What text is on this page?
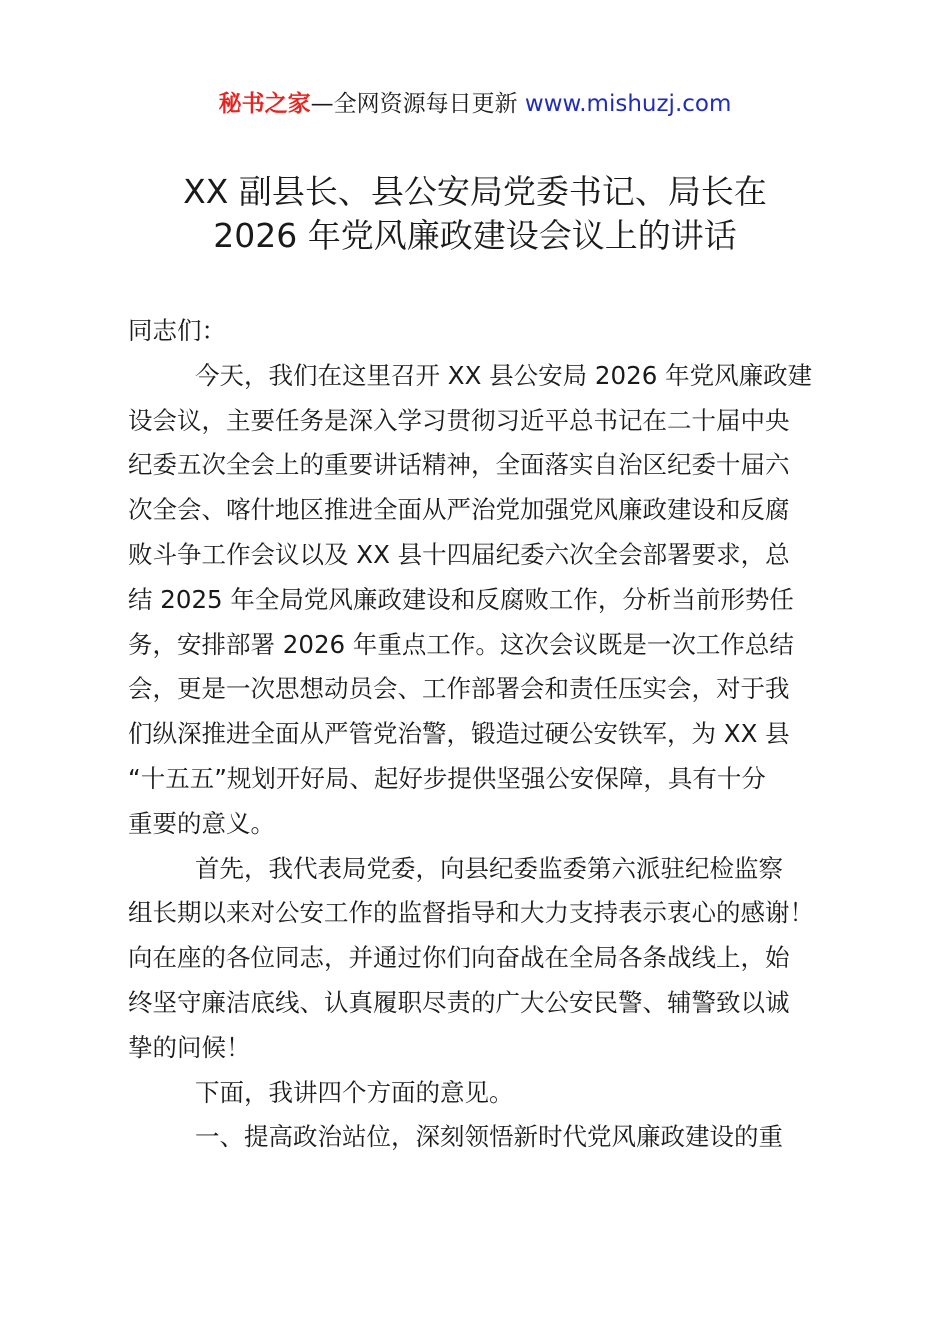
秘书之家—全网资源每日更新 www.mishuzj.com
XX 副县长、县公安局党委书记、局长在
2026 年党风廉政建设会议上的讲话
同志们：
今天，我们在这里召开 XX 县公安局 2026 年党风廉政建
设会议，主要任务是深入学习贯彻习近平总书记在二十届中央
纪委五次全会上的重要讲话精神，全面落实自治区纪委十届六
次全会、喀什地区推进全面从严治党加强党风廉政建设和反腐
败斗争工作会议以及 XX 县十四届纪委六次全会部署要求，总
结 2025 年全局党风廉政建设和反腐败工作，分析当前形势任
务，安排部署 2026 年重点工作。这次会议既是一次工作总结
会，更是一次思想动员会、工作部署会和责任压实会，对于我
们纵深推进全面从严管党治警，锻造过硬公安铁军，为 XX 县
“十五五”规划开好局、起好步提供坚强公安保障，具有十分
重要的意义。
首先，我代表局党委，向县纪委监委第六派驻纪检监察
组长期以来对公安工作的监督指导和大力支持表示衷心的感谢！
向在座的各位同志，并通过你们向奋战在全局各条战线上，始
终坚守廉洁底线、认真履职尽责的广大公安民警、辅警致以诚
挚的问候！
下面，我讲四个方面的意见。
一、提高政治站位，深刻领悟新时代党风廉政建设的重
